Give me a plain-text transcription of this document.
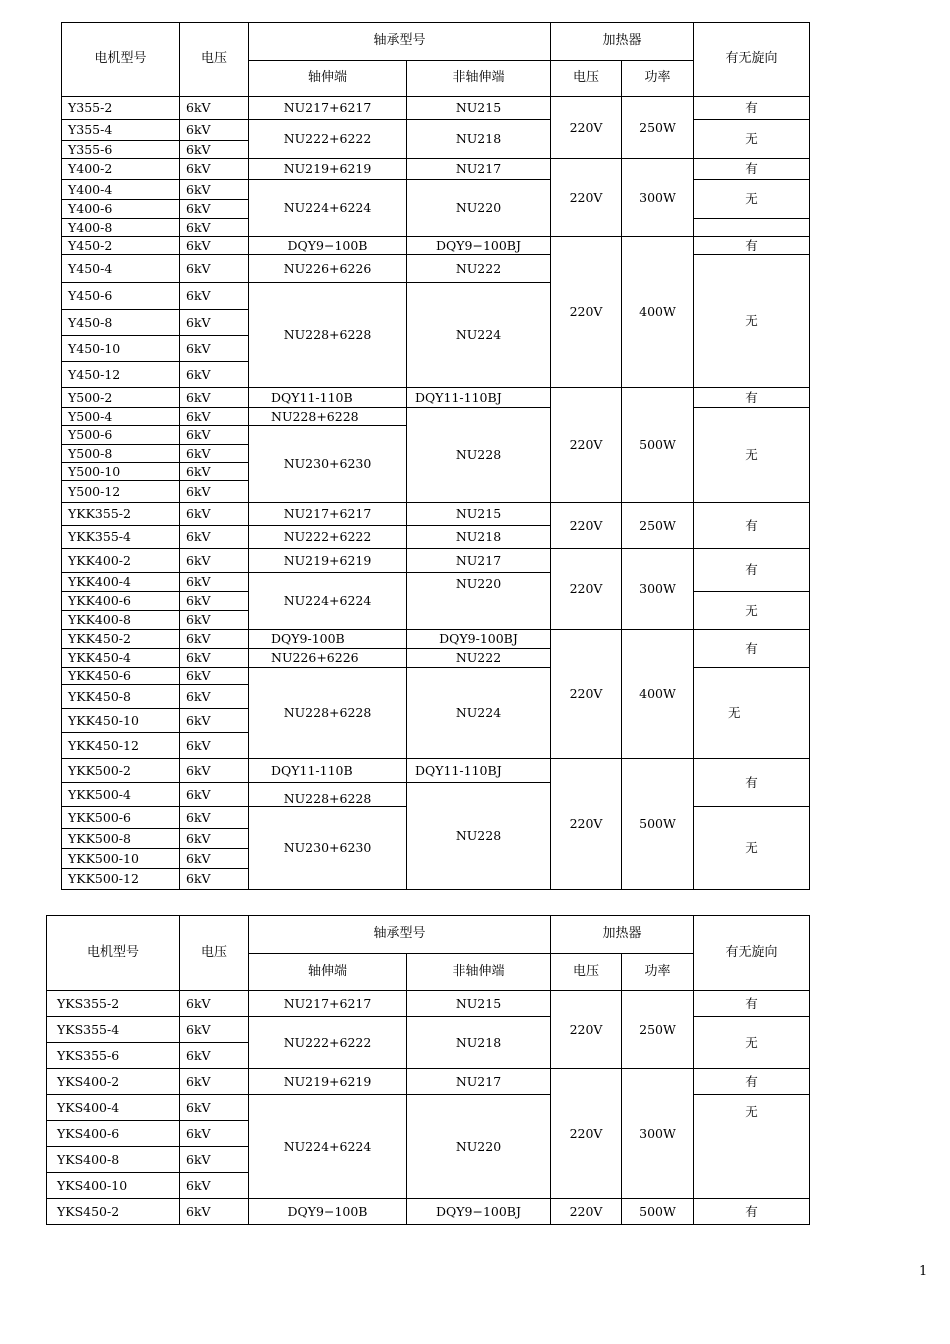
电机型号	电压	轴承型号		加热器		有无旋向
		轴伸端	非轴伸端	电压	功率	
Y355-2	6kV	NU217+6217	NU215	220V	250W	有
Y355-4	6kV	NU222+6222	NU218			无
Y355-6	6kV					
Y400-2	6kV	NU219+6219	NU217	220V	300W	有
Y400-4	6kV	NU224+6224	NU220			无
Y400-6	6kV					
Y400-8	6kV					
Y450-2	6kV	DQY9−100B	DQY9−100BJ	220V	400W	有
Y450-4	6kV	NU226+6226	NU222			无
Y450-6	6kV	NU228+6228	NU224			
Y450-8	6kV					
Y450-10	6kV					
Y450-12	6kV					
Y500-2	6kV	DQY11-110B	DQY11-110BJ	220V	500W	有
Y500-4	6kV	NU228+6228	NU228			无
Y500-6	6kV	NU230+6230				
Y500-8	6kV					
Y500-10	6kV					
Y500-12	6kV					
YKK355-2	6kV	NU217+6217	NU215	220V	250W	有
YKK355-4	6kV	NU222+6222	NU218			
YKK400-2	6kV	NU219+6219	NU217	220V	300W	有
YKK400-4	6kV	NU224+6224	NU220			
YKK400-6	6kV					无
YKK400-8	6kV					
YKK450-2	6kV	DQY9-100B	DQY9-100BJ	220V	400W	有
YKK450-4	6kV	NU226+6226	NU222			
YKK450-6	6kV	NU228+6228	NU224			无
YKK450-8	6kV					
YKK450-10	6kV					
YKK450-12	6kV					
YKK500-2	6kV	DQY11-110B	DQY11-110BJ	220V	500W	有
YKK500-4	6kV	NU228+6228	NU228			
YKK500-6	6kV	NU230+6230				无
YKK500-8	6kV					
YKK500-10	6kV					
YKK500-12	6kV					
电机型号	电压	轴承型号		加热器		有无旋向
		轴伸端	非轴伸端	电压	功率	
YKS355-2	6kV	NU217+6217	NU215	220V	250W	有
YKS355-4	6kV	NU222+6222	NU218			无
YKS355-6	6kV					
YKS400-2	6kV	NU219+6219	NU217	220V	300W	有
YKS400-4	6kV	NU224+6224	NU220			无
YKS400-6	6kV					
YKS400-8	6kV					
YKS400-10	6kV					
YKS450-2	6kV	DQY9−100B	DQY9−100BJ	220V	500W	有
1
